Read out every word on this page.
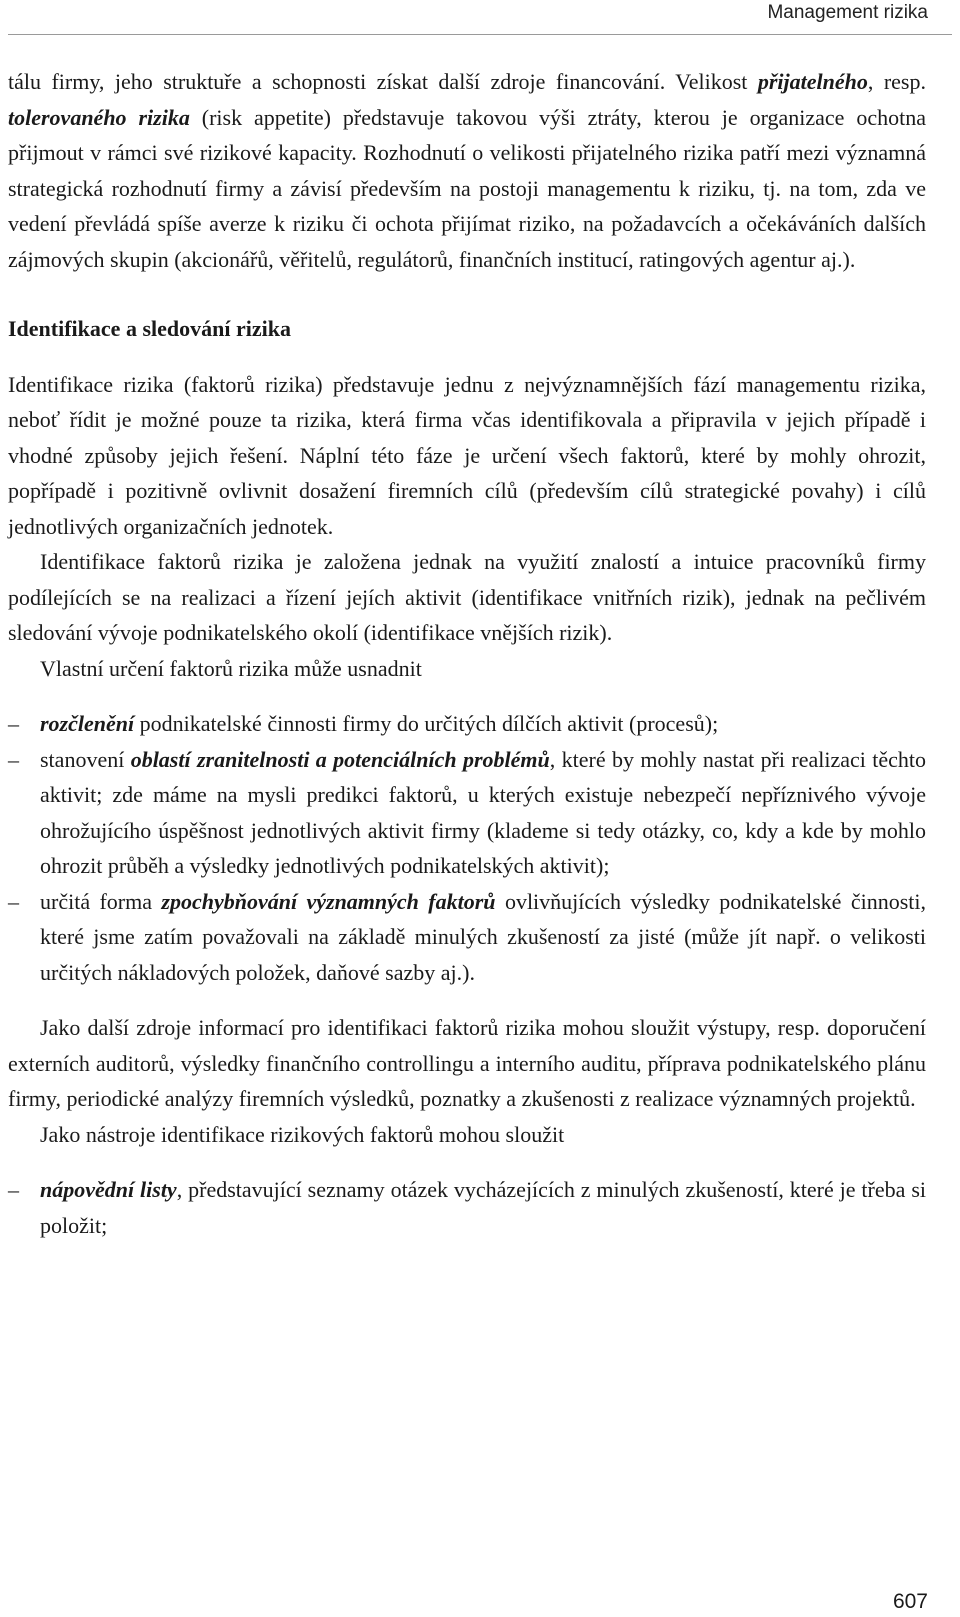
Management rizika

tálu firmy, jeho struktuře a schopnosti získat další zdroje financování. Velikost přijatelného, resp. tolerovaného rizika (risk appetite) představuje takovou výši ztráty, kterou je organizace ochotna přijmout v rámci své rizikové kapacity. Rozhodnutí o velikosti přijatelného rizika patří mezi významná strategická rozhodnutí firmy a závisí především na postoji managementu k riziku, tj. na tom, zda ve vedení převládá spíše averze k riziku či ochota přijímat riziko, na požadavcích a očekáváních dalších zájmových skupin (akcionářů, věřitelů, regulátorů, finančních institucí, ratingových agentur aj.).

Identifikace a sledování rizika

Identifikace rizika (faktorů rizika) představuje jednu z nejvýznamnějších fází managementu rizika, neboť řídit je možné pouze ta rizika, která firma včas identifikovala a připravila v jejich případě i vhodné způsoby jejich řešení. Náplní této fáze je určení všech faktorů, které by mohly ohrozit, popřípadě i pozitivně ovlivnit dosažení firemních cílů (především cílů strategické povahy) i cílů jednotlivých organizačních jednotek.

Identifikace faktorů rizika je založena jednak na využití znalostí a intuice pracovníků firmy podílejících se na realizaci a řízení jejích aktivit (identifikace vnitřních rizik), jednak na pečlivém sledování vývoje podnikatelského okolí (identifikace vnějších rizik).

Vlastní určení faktorů rizika může usnadnit

– rozčlenění podnikatelské činnosti firmy do určitých dílčích aktivit (procesů);
– stanovení oblastí zranitelnosti a potenciálních problémů, které by mohly nastat při realizaci těchto aktivit; zde máme na mysli predikci faktorů, u kterých existuje nebezpečí nepříznivého vývoje ohrožujícího úspěšnost jednotlivých aktivit firmy (klademe si tedy otázky, co, kdy a kde by mohlo ohrozit průběh a výsledky jednotlivých podnikatelských aktivit);
– určitá forma zpochybňování významných faktorů ovlivňujících výsledky podnikatelské činnosti, které jsme zatím považovali na základě minulých zkušeností za jisté (může jít např. o velikosti určitých nákladových položek, daňové sazby aj.).

Jako další zdroje informací pro identifikaci faktorů rizika mohou sloužit výstupy, resp. doporučení externích auditorů, výsledky finančního controllingu a interního auditu, příprava podnikatelského plánu firmy, periodické analýzy firemních výsledků, poznatky a zkušenosti z realizace významných projektů.

Jako nástroje identifikace rizikových faktorů mohou sloužit

– nápovědní listy, představující seznamy otázek vycházejících z minulých zkušeností, které je třeba si položit;
607
